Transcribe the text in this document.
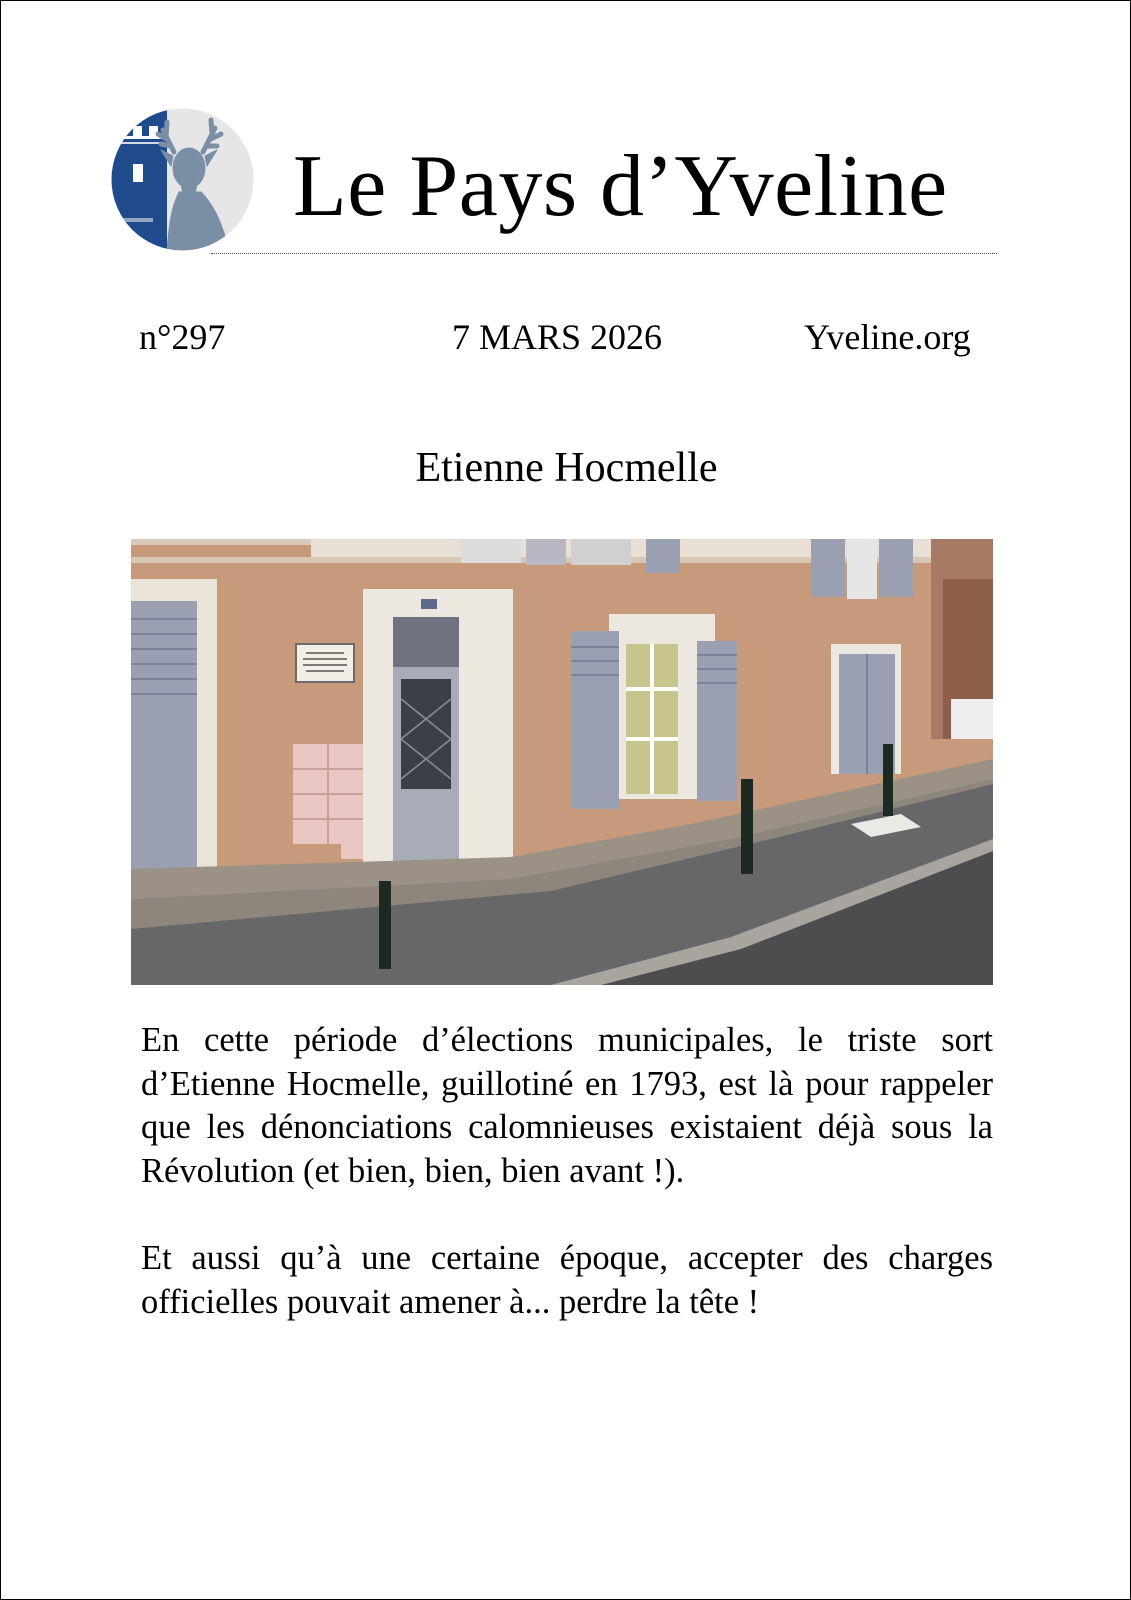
Le Pays d’Yveline
n°297	7 MARS 2026	Yveline.org
Etienne Hocmelle

En cette période d’élections municipales, le triste sort d’Etienne Hocmelle, guillotiné en 1793, est là pour rappeler que les dénonciations calomnieuses existaient déjà sous la Révolution (et bien, bien, bien avant !).

Et aussi qu’à une certaine époque, accepter des charges officielles pouvait amener à... perdre la tête !
